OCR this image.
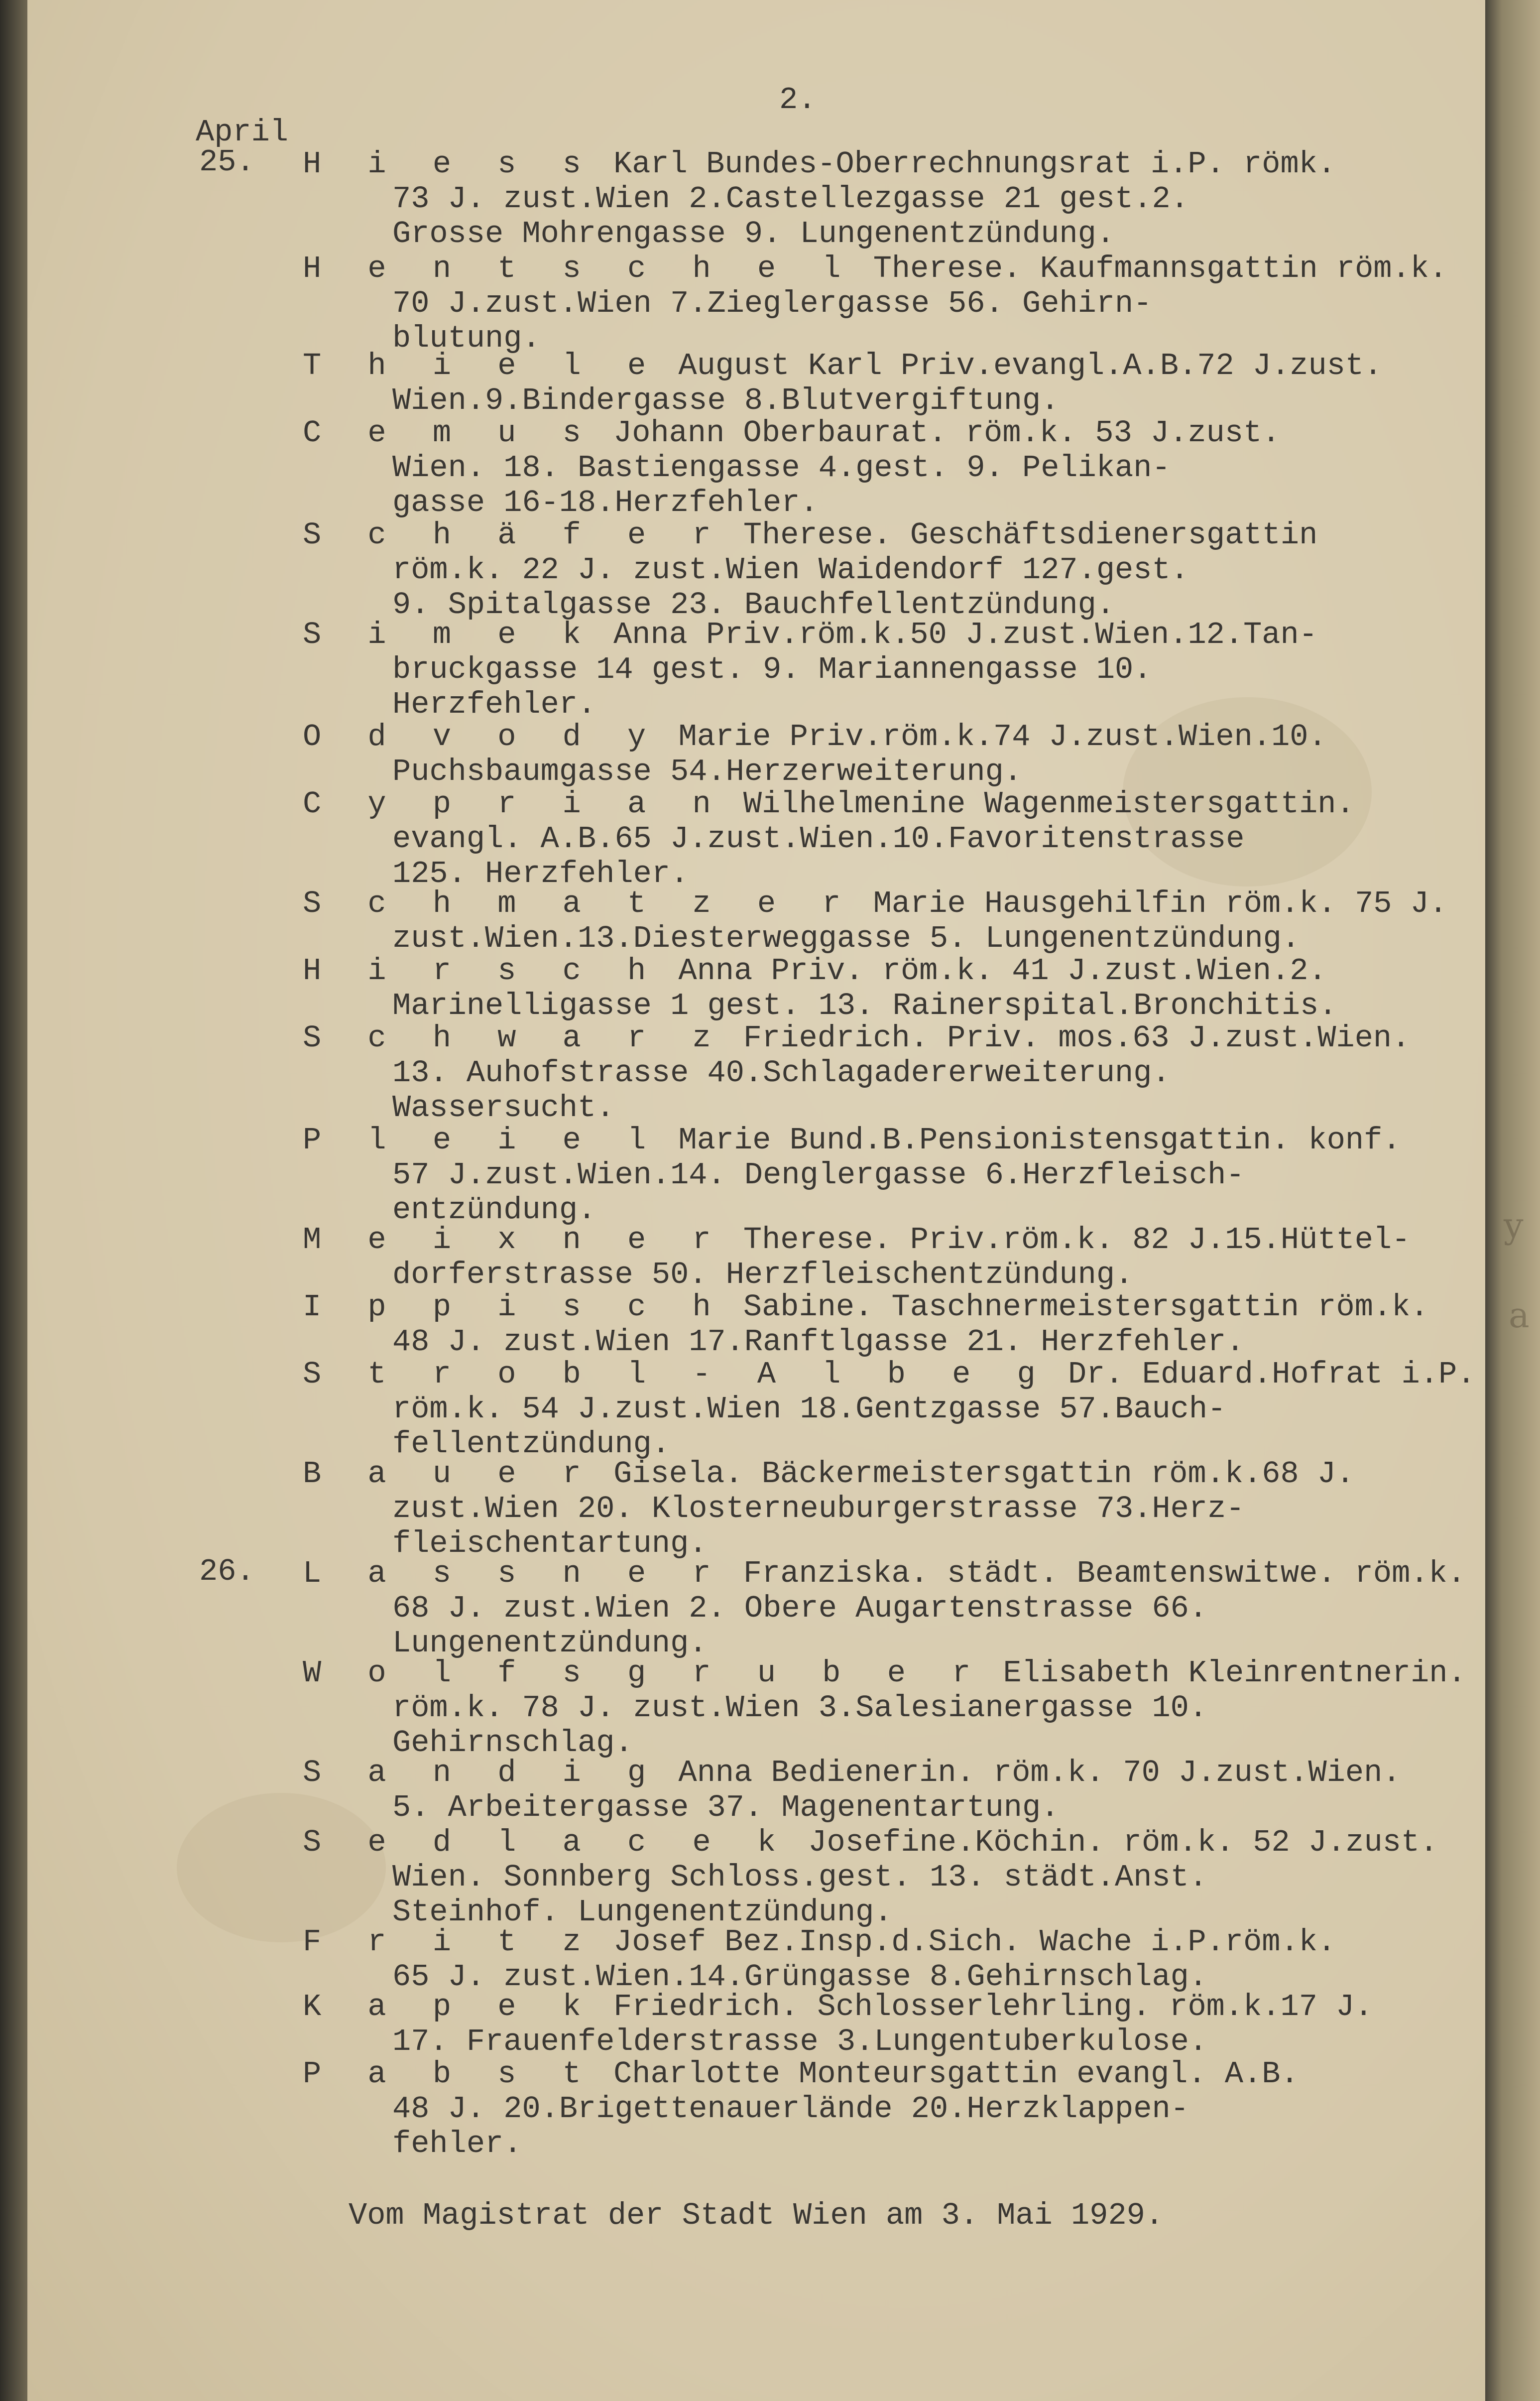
y
a
2.
April
25.
26.
H i e s s Karl Bundes-Oberrechnungsrat i.P. römk.
73 J. zust.Wien 2.Castellezgasse 21 gest.2.
Grosse Mohrengasse 9. Lungenentzündung.
H e n t s c h e l Therese. Kaufmannsgattin röm.k.
70 J.zust.Wien 7.Zieglergasse 56. Gehirn-
blutung.
T h i e l e August Karl Priv.evangl.A.B.72 J.zust.
Wien.9.Bindergasse 8.Blutvergiftung.
C e m u s Johann Oberbaurat. röm.k. 53 J.zust.
Wien. 18. Bastiengasse 4.gest. 9. Pelikan-
gasse 16-18.Herzfehler.
S c h ä f e r Therese. Geschäftsdienersgattin
röm.k. 22 J. zust.Wien Waidendorf 127.gest.
9. Spitalgasse 23. Bauchfellentzündung.
S i m e k Anna Priv.röm.k.50 J.zust.Wien.12.Tan-
bruckgasse 14 gest. 9. Mariannengasse 10.
Herzfehler.
O d v o d y Marie Priv.röm.k.74 J.zust.Wien.10.
Puchsbaumgasse 54.Herzerweiterung.
C y p r i a n Wilhelmenine Wagenmeistersgattin.
evangl. A.B.65 J.zust.Wien.10.Favoritenstrasse
125. Herzfehler.
S c h m a t z e r Marie Hausgehilfin röm.k. 75 J.
zust.Wien.13.Diesterweggasse 5. Lungenentzündung.
H i r s c h Anna Priv. röm.k. 41 J.zust.Wien.2.
Marinelligasse 1 gest. 13. Rainerspital.Bronchitis.
S c h w a r z Friedrich. Priv. mos.63 J.zust.Wien.
13. Auhofstrasse 40.Schlagadererweiterung.
Wassersucht.
P l e i e l Marie Bund.B.Pensionistensgattin. konf.
57 J.zust.Wien.14. Denglergasse 6.Herzfleisch-
entzündung.
M e i x n e r Therese. Priv.röm.k. 82 J.15.Hüttel-
dorferstrasse 50. Herzfleischentzündung.
I p p i s c h Sabine. Taschnermeistersgattin röm.k.
48 J. zust.Wien 17.Ranftlgasse 21. Herzfehler.
S t r o b l - A l b e g Dr. Eduard.Hofrat i.P.
röm.k. 54 J.zust.Wien 18.Gentzgasse 57.Bauch-
fellentzündung.
B a u e r Gisela. Bäckermeistersgattin röm.k.68 J.
zust.Wien 20. Klosterneuburgerstrasse 73.Herz-
fleischentartung.
L a s s n e r Franziska. städt. Beamtenswitwe. röm.k.
68 J. zust.Wien 2. Obere Augartenstrasse 66.
Lungenentzündung.
W o l f s g r u b e r Elisabeth Kleinrentnerin.
röm.k. 78 J. zust.Wien 3.Salesianergasse 10.
Gehirnschlag.
S a n d i g Anna Bedienerin. röm.k. 70 J.zust.Wien.
5. Arbeitergasse 37. Magenentartung.
S e d l a c e k Josefine.Köchin. röm.k. 52 J.zust.
Wien. Sonnberg Schloss.gest. 13. städt.Anst.
Steinhof. Lungenentzündung.
F r i t z Josef Bez.Insp.d.Sich. Wache i.P.röm.k.
65 J. zust.Wien.14.Grüngasse 8.Gehirnschlag.
K a p e k Friedrich. Schlosserlehrling. röm.k.17 J.
17. Frauenfelderstrasse 3.Lungentuberkulose.
P a b s t Charlotte Monteursgattin evangl. A.B.
48 J. 20.Brigettenauerlände 20.Herzklappen-
fehler.
Vom Magistrat der Stadt Wien am 3. Mai 1929.
